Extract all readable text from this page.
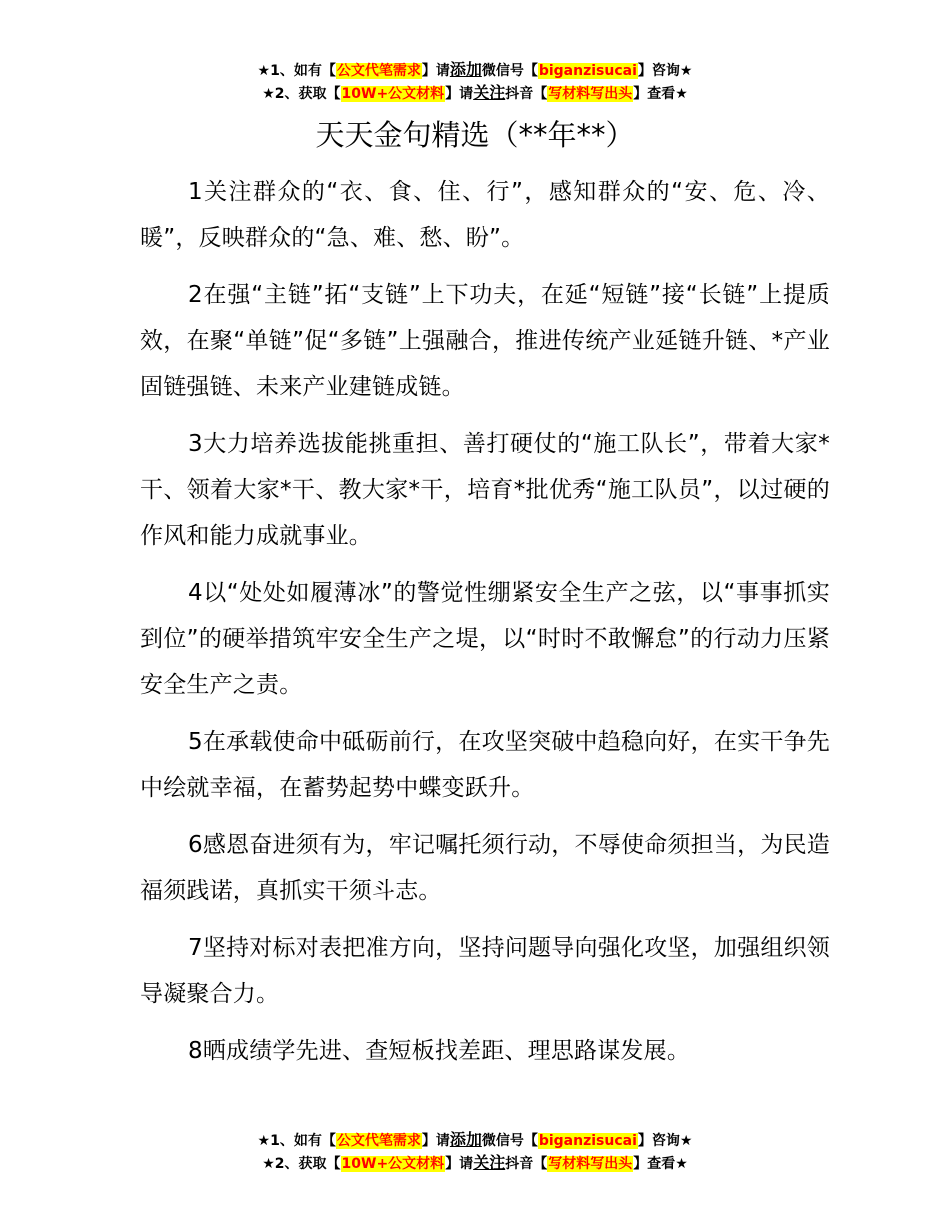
★1、如有【公文代笔需求】请添加微信号【biganzisucai】咨询★
★2、获取【10W+公文材料】请关注抖音【写材料写出头】查看★
天天金句精选（**年**）

1关注群众的“衣、食、住、行”，感知群众的“安、危、冷、暖”，反映群众的“急、难、愁、盼”。

2在强“主链”拓“支链”上下功夫，在延“短链”接“长链”上提质效，在聚“单链”促“多链”上强融合，推进传统产业延链升链、*产业固链强链、未来产业建链成链。

3大力培养选拔能挑重担、善打硬仗的“施工队长”，带着大家*干、领着大家*干、教大家*干，培育*批优秀“施工队员”，以过硬的作风和能力成就事业。

4以“处处如履薄冰”的警觉性绷紧安全生产之弦，以“事事抓实到位”的硬举措筑牢安全生产之堤，以“时时不敢懈怠”的行动力压紧安全生产之责。

5在承载使命中砥砺前行，在攻坚突破中趋稳向好，在实干争先中绘就幸福，在蓄势起势中蝶变跃升。

6感恩奋进须有为，牢记嘱托须行动，不辱使命须担当，为民造福须践诺，真抓实干须斗志。

7坚持对标对表把准方向，坚持问题导向强化攻坚，加强组织领导凝聚合力。

8晒成绩学先进、查短板找差距、理思路谋发展。

★1、如有【公文代笔需求】请添加微信号【biganzisucai】咨询★
★2、获取【10W+公文材料】请关注抖音【写材料写出头】查看★
